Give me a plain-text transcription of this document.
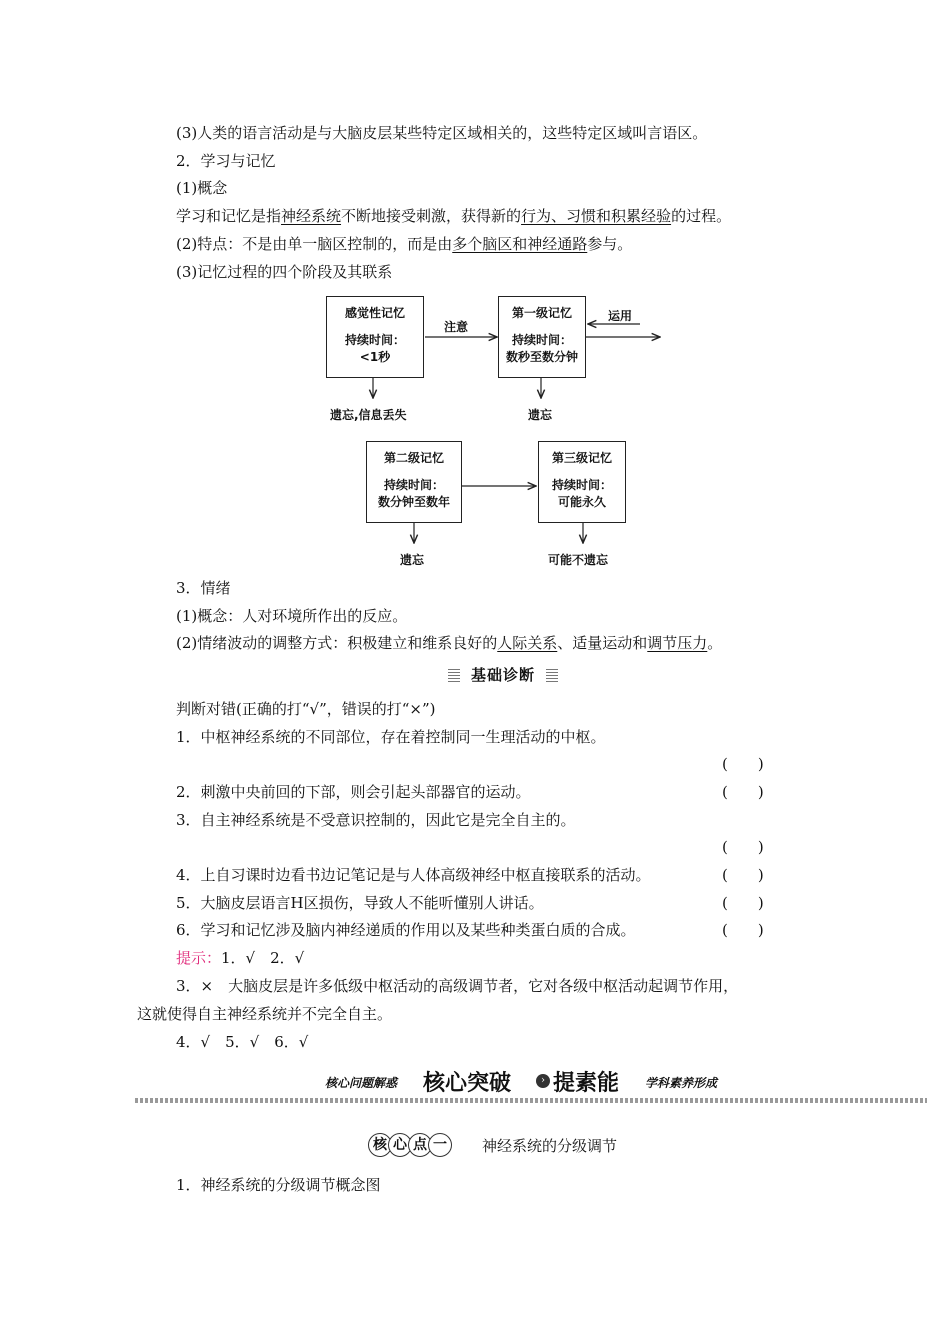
(3)人类的语言活动是与大脑皮层某些特定区域相关的，这些特定区域叫言语区。
2．学习与记忆
(1)概念
学习和记忆是指神经系统不断地接受刺激，获得新的行为、习惯和积累经验的过程。
(2)特点：不是由单一脑区控制的，而是由多个脑区和神经通路参与。
(3)记忆过程的四个阶段及其联系
感觉性记忆
持续时间：
<1秒
第一级记忆
持续时间：
数秒至数分钟
第二级记忆
持续时间：
数分钟至数年
第三级记忆
持续时间：
可能永久
注意
运用
遗忘,信息丢失	遗忘
遗忘	可能不遗忘
3．情绪
(1)概念：人对环境所作出的反应。
(2)情绪波动的调整方式：积极建立和维系良好的人际关系、适量运动和调节压力。
基础诊断
判断对错(正确的打“√”，错误的打“×”)
1．中枢神经系统的不同部位，存在着控制同一生理活动的中枢。
(　　)
2．刺激中央前回的下部，则会引起头部器官的运动。	(　　)
3．自主神经系统是不受意识控制的，因此它是完全自主的。
(　　)
4．上自习课时边看书边记笔记是与人体高级神经中枢直接联系的活动。	(　　)
5．大脑皮层语言H区损伤，导致人不能听懂别人讲话。	(　　)
6．学习和记忆涉及脑内神经递质的作用以及某些种类蛋白质的合成。	(　　)
提示：1．√　2．√
3．×　大脑皮层是许多低级中枢活动的高级调节者，它对各级中枢活动起调节作用，
这就使得自主神经系统并不完全自主。
4．√　5．√　6．√
核心问题解惑 核心突破	› 提素能 学科素养形成
核 心 点 一 神经系统的分级调节
1．神经系统的分级调节概念图
